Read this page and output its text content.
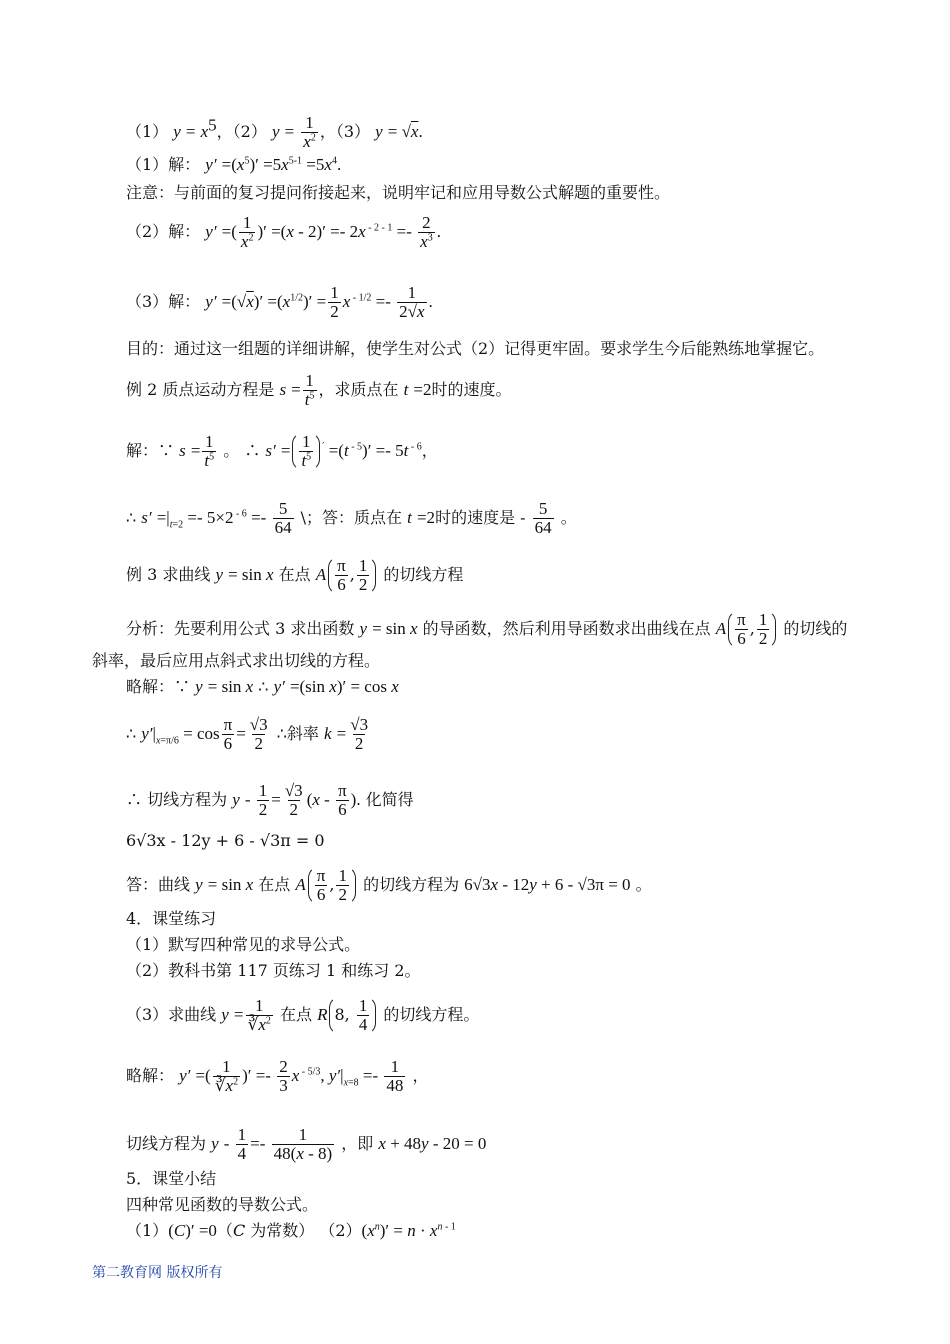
（1） $y = x^5$，（2） $y = \frac{1}{x^2}$ ，（3） y = √x.
（1）解： $y' =(x^5)' =5x^{5-1} =5x^4$.
注意：与前面的复习提问衔接起来，说明牢记和应用导数公式解题的重要性。
（2）解： y′ =( $\frac{1}{x^2}$ )′ =(x - 2)′ =- 2x $^{- 2 - 1} =- \frac{2}{x^3}$ .
（3）解： $y' =(√x)' =(x^{1/2})' = \frac{1}{2}$ x $^{- 1/2} =- \frac{1}{2√x}$ .
目的：通过这一组题的详细讲解，使学生对公式（2）记得更牢固。要求学生今后能熟练地掌握它。
例 2 质点运动方程是 $s = \frac{1}{t^5}$ ，求质点在 t =2时的速度。
解：∵ $s = \frac{1}{t^5}$ 。 ∴ $s' = \frac{1}{t^5} ' =(t$ $^{- 5}$)′ =- 5t $^{- 6}$，
∴ $s' =|_{t=2} =- 5\times 2$ $^{- 6} =- \frac{5}{64}$ \；答：质点在 t =2时的速度是 - $\frac{5}{64}$ 。
例 3 求曲线 y = sin x 在点 A $\frac{\pi}{6}$ , $\frac{1}{2}$ 的切线方程
分析：先要利用公式 3 求出函数 y = sin x 的导函数，然后利用导函数求出曲线在点 A $\frac{\pi}{6}$ , $\frac{1}{2}$ 的切线的
斜率，最后应用点斜式求出切线的方程。
略解：∵ y = sin x ∴ y′ =(sin x)′ = cos x
∴ $y'|_{x=\pi/6} = \cos \frac{\pi}{6} = \frac{√3}{2}$ ∴斜率 $k = \frac{√3}{2}$
∴ 切线方程为 $y - \frac{1}{2} = \frac{√3}{2} (x - \frac{\pi}{6}$ ). 化简得
6√3x - 12y + 6 - √3π = 0
答：曲线 y = sin x 在点 A $\frac{\pi}{6}$ , $\frac{1}{2}$ 的切线方程为 6√3x - 12y + 6 - √3π = 0 。
4．课堂练习
（1）默写四种常见的求导公式。
（2）教科书第 117 页练习 1 和练习 2。
（3）求曲线 $y = \frac{1}{∛x^2}$ 在点 R 8, $\frac{1}{4}$ 的切线方程。
略解： y′ =( $\frac{1}{∛x^2}$ )′ =- $\frac{2}{3}$ x $^{- 5/3}$, $y'|_{x=8} =- \frac{1}{48}$ ，
切线方程为 $y - \frac{1}{4} =- \frac{1}{48(x - 8)}$ ，即 x + 48y - 20 = 0
5．课堂小结
四种常见函数的导数公式。
（1）(C)′ =0（C 为常数） $(2)(x^n)' = n \cdot x^{n - 1}$
第二教育网 版权所有
